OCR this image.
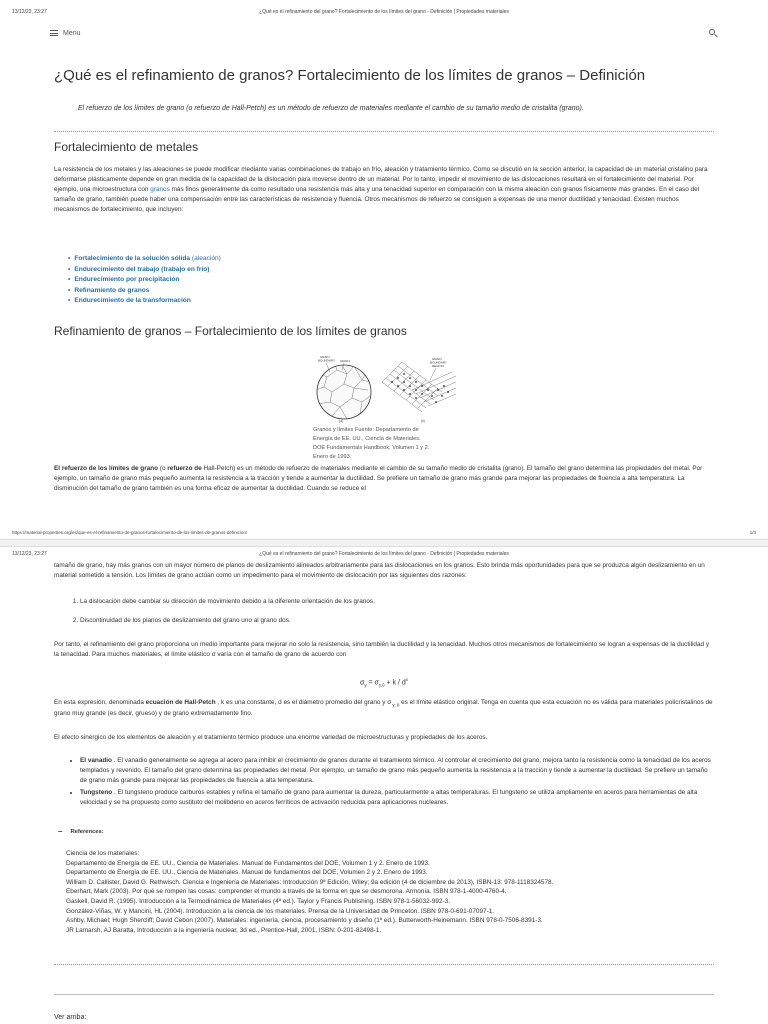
13/12/23, 23:27	¿Qué es el refinamiento del grano? Fortalecimiento de los límites del grano - Definición | Propiedades materiales
Menu
¿Qué es el refinamiento de granos? Fortalecimiento de los límites de granos – Definición

El refuerzo de los límites de grano (o refuerzo de Hall-Petch) es un método de refuerzo de materiales mediante el cambio de su tamaño medio de cristalita (grano).

Fortalecimiento de metales

La resistencia de los metales y las aleaciones se puede modificar mediante varias combinaciones de trabajo en frío, aleación y tratamiento térmico. Como se discutió en la sección anterior, la capacidad de un material cristalino para deformarse plásticamente depende en gran medida de la capacidad de la dislocación para moverse dentro de un material. Por lo tanto, impedir el movimiento de las dislocaciones resultará en el fortalecimiento del material. Por ejemplo, una microestructura con granos más finos generalmente da como resultado una resistencia más alta y una tenacidad superior en comparación con la misma aleación con granos físicamente más grandes. En el caso del tamaño de grano, también puede haber una compensación entre las características de resistencia y fluencia. Otros mecanismos de refuerzo se consiguen a expensas de una menor ductilidad y tenacidad. Existen muchos mecanismos de fortalecimiento, que incluyen:

• Fortalecimiento de la solución sólida (aleación)
• Endurecimiento del trabajo (trabajo en frío)
• Endurecimiento por precipitación
• Refinamiento de granos
• Endurecimiento de la transformación
Refinamiento de granos – Fortalecimiento de los límites de granos
GRAIN
BOUNDARY GRAIN	GRAIN
BOUNDARY
REGION
(a)	(b)
Granos y límites Fuente: Departamento de Energía de EE. UU., Ciencia de Materiales. DOE Fundamentals Handbook, Volumen 1 y 2. Enero de 1993.

El refuerzo de los límites de grano (o refuerzo de Hall-Petch) es un método de refuerzo de materiales mediante el cambio de su tamaño medio de cristalita (grano). El tamaño del grano determina las propiedades del metal. Por ejemplo, un tamaño de grano más pequeño aumenta la resistencia a la tracción y tiende a aumentar la ductilidad. Se prefiere un tamaño de grano más grande para mejorar las propiedades de fluencia a alta temperatura. La disminución del tamaño de grano también es una forma eficaz de aumentar la ductilidad. Cuando se reduce el

https://material-properties.org/es/que-es-el-refinamiento-de-granos-fortalecimiento-de-los-limites-de-granos-definicion/	1/3
13/12/23, 23:27	¿Qué es el refinamiento del grano? Fortalecimiento de los límites del grano - Definición | Propiedades materiales

tamaño de grano, hay más granos con un mayor número de planos de deslizamiento alineados arbitrariamente para las dislocaciones en los granos. Esto brinda más oportunidades para que se produzca algún deslizamiento en un material sometido a tensión. Los límites de grano actúan como un impedimento para el movimiento de dislocación por las siguientes dos razones:

1. La dislocación debe cambiar su dirección de movimiento debido a la diferente orientación de los granos.
2. Discontinuidad de los planos de deslizamiento del grano uno al grano dos.

Por tanto, el refinamiento del grano proporciona un medio importante para mejorar no solo la resistencia, sino también la ductilidad y la tenacidad. Muchos otros mecanismos de fortalecimiento se logran a expensas de la ductilidad y la tenacidad. Para muchos materiales, el límite elástico σ varía con el tamaño de grano de acuerdo con

$\sigma_y = \sigma_{y,0} + k / d^x$

En esta expresión, denominada ecuación de Hall-Petch , k es una constante, d es el diámetro promedio del grano y σ $_{y, 0}$ es el límite elástico original. Tenga en cuenta que esta ecuación no es válida para materiales policristalinos de grano muy grande (es decir, grueso) y de grano extremadamente fino.

El efecto sinérgico de los elementos de aleación y el tratamiento térmico produce una enorme variedad de microestructuras y propiedades de los aceros.

• El vanadio . El vanadio generalmente se agrega al acero para inhibir el crecimiento de granos durante el tratamiento térmico. Al controlar el crecimiento del grano, mejora tanto la resistencia como la tenacidad de los aceros templados y revenido. El tamaño del grano determina las propiedades del metal. Por ejemplo, un tamaño de grano más pequeño aumenta la resistencia a la tracción y tiende a aumentar la ductilidad. Se prefiere un tamaño de grano más grande para mejorar las propiedades de fluencia a alta temperatura.
• Tungsteno . El tungsteno produce carburos estables y refina el tamaño de grano para aumentar la dureza, particularmente a altas temperaturas. El tungsteno se utiliza ampliamente en aceros para herramientas de alta velocidad y se ha propuesto como sustituto del molibdeno en aceros ferríticos de activación reducida para aplicaciones nucleares.
– References:
Ciencia de los materiales:
Departamento de Energía de EE. UU., Ciencia de Materiales. Manual de Fundamentos del DOE, Volumen 1 y 2. Enero de 1993.
Departamento de Energía de EE. UU., Ciencia de Materiales. Manual de fundamentos del DOE, Volumen 2 y 2. Enero de 1993.
William D. Callister, David G. Rethwisch. Ciencia e Ingeniería de Materiales: Introducción 9ª Edición, Wiley; 9a edición (4 de diciembre de 2013), ISBN-13: 978-1118324578.
Eberhart, Mark (2003). Por qué se rompen las cosas: comprender el mundo a través de la forma en que se desmorona. Armonía. ISBN 978-1-4000-4760-4.
Gaskell, David R. (1995). Introducción a la Termodinámica de Materiales (4ª ed.). Taylor y Francis Publishing. ISBN 978-1-56032-992-3.
González-Viñas, W. y Mancini, HL (2004). Introducción a la ciencia de los materiales. Prensa de la Universidad de Princeton. ISBN 978-0-691-07097-1.
Ashby, Michael; Hugh Shercliff; David Cebon (2007). Materiales: ingeniería, ciencia, procesamiento y diseño (1ª ed.). Butterworth-Heinemann. ISBN 978-0-7506-8391-3.
JR Lamarsh, AJ Baratta, Introducción a la ingeniería nuclear, 3d ed., Prentice-Hall, 2001, ISBN: 0-201-82498-1.

Ver arriba:
